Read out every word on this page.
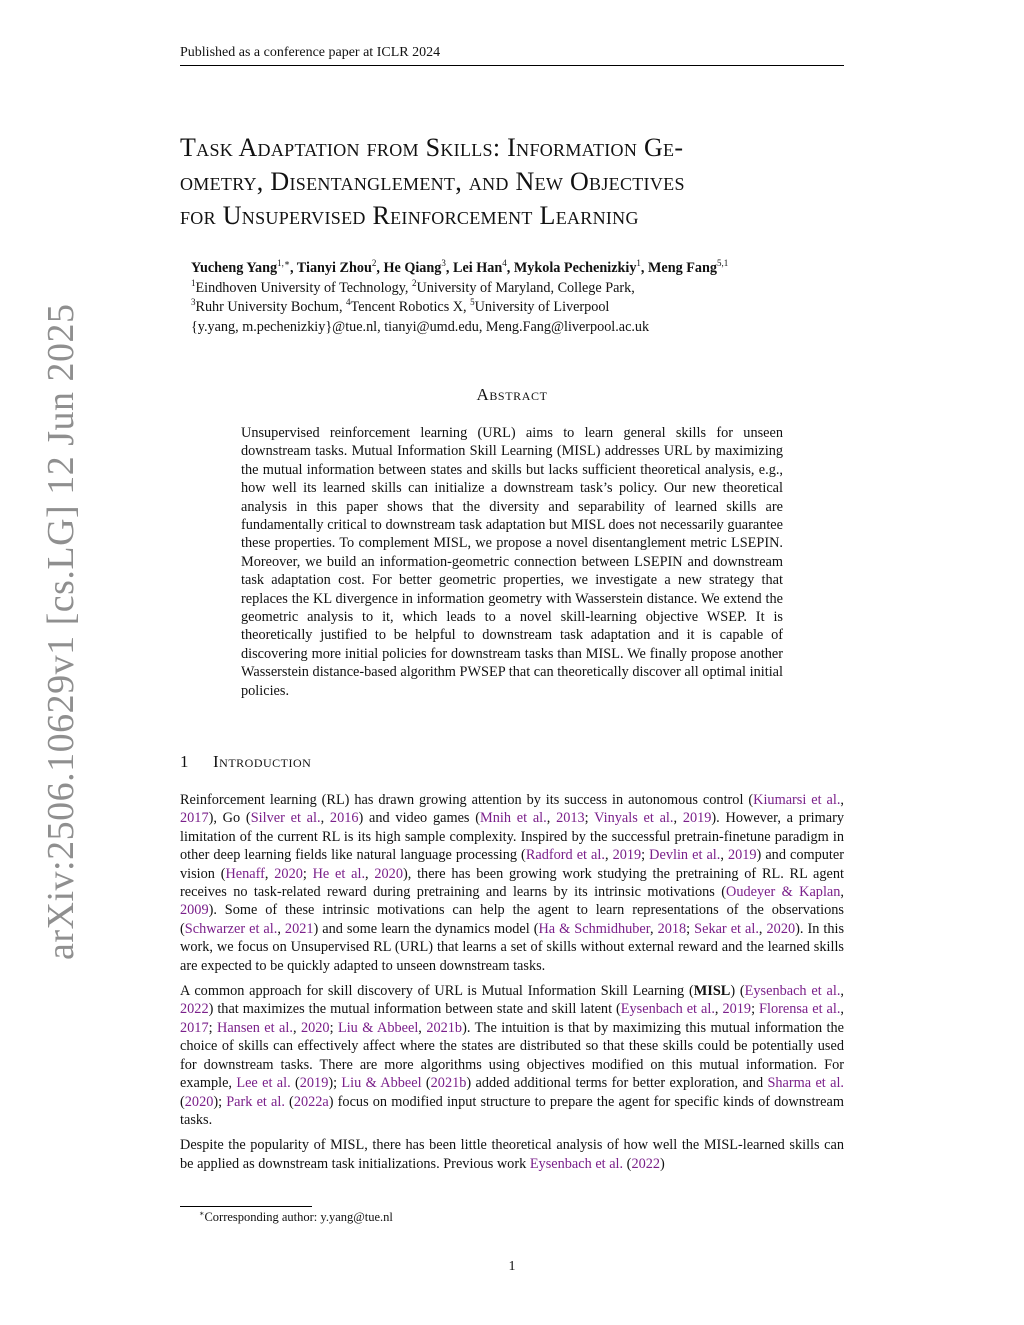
Published as a conference paper at ICLR 2024
arXiv:2506.10629v1 [cs.LG] 12 Jun 2025
Task Adaptation from Skills: Information Ge-
ometry, Disentanglement, and New Objectives
for Unsupervised Reinforcement Learning
Yucheng Yang$^{1,∗}$, Tianyi Zhou$^2$, He Qiang$^3$, Lei Han$^4$, Mykola Pechenizkiy$^1$, Meng Fang$^{5,1}$
$^1$Eindhoven University of Technology, $^2$University of Maryland, College Park,
$^3$Ruhr University Bochum, $^4$Tencent Robotics X, $^5$University of Liverpool
{y.yang, m.pechenizkiy}@tue.nl, tianyi@umd.edu, Meng.Fang@liverpool.ac.uk
Abstract
Unsupervised reinforcement learning (URL) aims to learn general skills for unseen downstream tasks. Mutual Information Skill Learning (MISL) addresses URL by maximizing the mutual information between states and skills but lacks sufficient theoretical analysis, e.g., how well its learned skills can initialize a downstream task’s policy. Our new theoretical analysis in this paper shows that the diversity and separability of learned skills are fundamentally critical to downstream task adaptation but MISL does not necessarily guarantee these properties. To complement MISL, we propose a novel disentanglement metric LSEPIN. Moreover, we build an information-geometric connection between LSEPIN and downstream task adaptation cost. For better geometric properties, we investigate a new strategy that replaces the KL divergence in information geometry with Wasserstein distance. We extend the geometric analysis to it, which leads to a novel skill-learning objective WSEP. It is theoretically justified to be helpful to downstream task adaptation and it is capable of discovering more initial policies for downstream tasks than MISL. We finally propose another Wasserstein distance-based algorithm PWSEP that can theoretically discover all optimal initial policies.
1 Introduction

Reinforcement learning (RL) has drawn growing attention by its success in autonomous control (Kiumarsi et al., 2017), Go (Silver et al., 2016) and video games (Mnih et al., 2013; Vinyals et al., 2019). However, a primary limitation of the current RL is its high sample complexity. Inspired by the successful pretrain-finetune paradigm in other deep learning fields like natural language processing (Radford et al., 2019; Devlin et al., 2019) and computer vision (Henaff, 2020; He et al., 2020), there has been growing work studying the pretraining of RL. RL agent receives no task-related reward during pretraining and learns by its intrinsic motivations (Oudeyer & Kaplan, 2009). Some of these intrinsic motivations can help the agent to learn representations of the observations (Schwarzer et al., 2021) and some learn the dynamics model (Ha & Schmidhuber, 2018; Sekar et al., 2020). In this work, we focus on Unsupervised RL (URL) that learns a set of skills without external reward and the learned skills are expected to be quickly adapted to unseen downstream tasks.

A common approach for skill discovery of URL is Mutual Information Skill Learning (MISL) (Eysenbach et al., 2022) that maximizes the mutual information between state and skill latent (Eysenbach et al., 2019; Florensa et al., 2017; Hansen et al., 2020; Liu & Abbeel, 2021b). The intuition is that by maximizing this mutual information the choice of skills can effectively affect where the states are distributed so that these skills could be potentially used for downstream tasks. There are more algorithms using objectives modified on this mutual information. For example, Lee et al. (2019); Liu & Abbeel (2021b) added additional terms for better exploration, and Sharma et al. (2020); Park et al. (2022a) focus on modified input structure to prepare the agent for specific kinds of downstream tasks.

Despite the popularity of MISL, there has been little theoretical analysis of how well the MISL-learned skills can be applied as downstream task initializations. Previous work Eysenbach et al. (2022)

∗Corresponding author: y.yang@tue.nl
1
